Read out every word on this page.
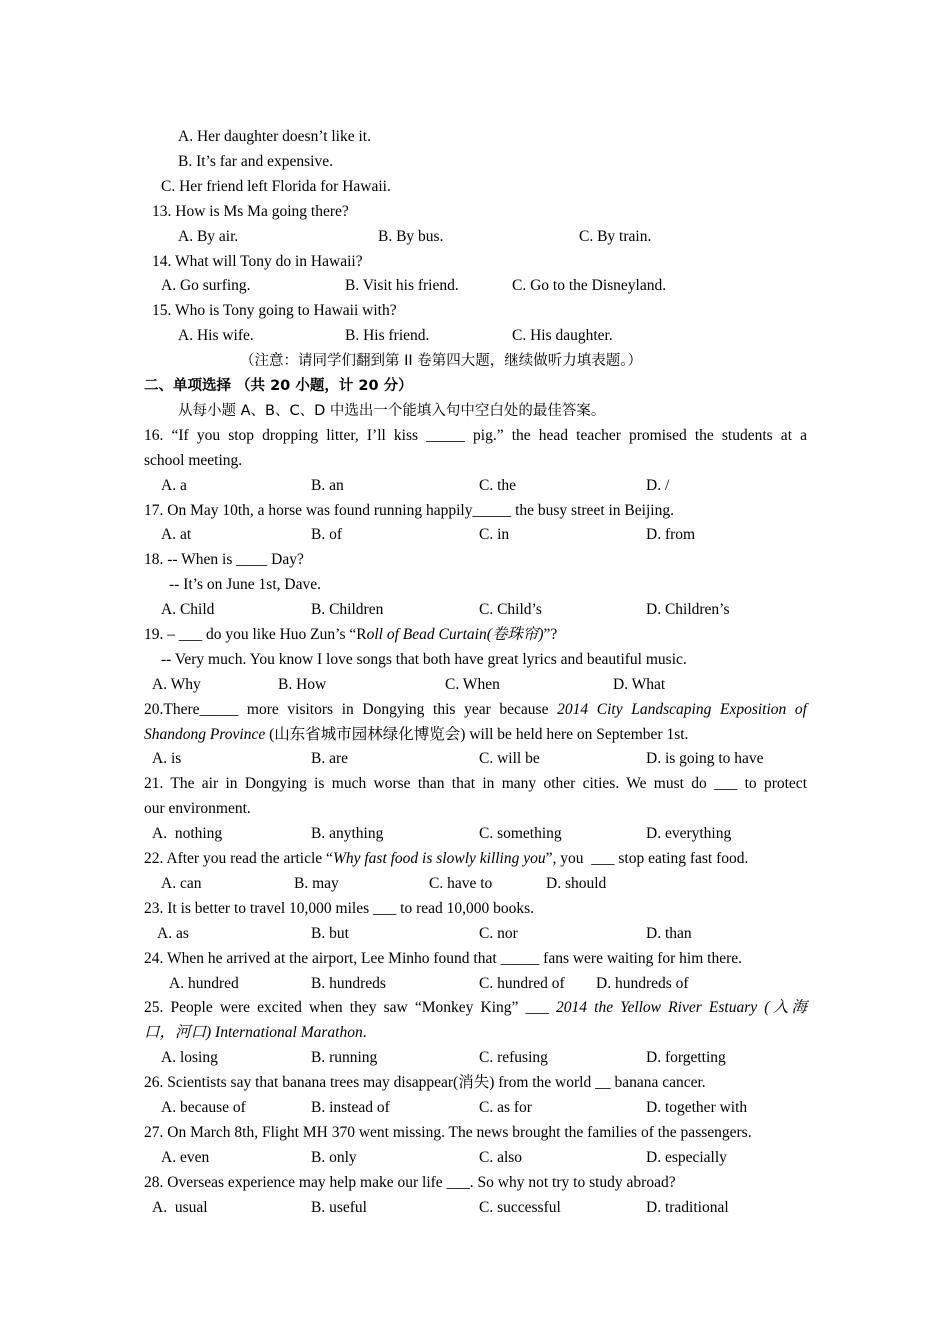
A. Her daughter doesn’t like it.
B. It’s far and expensive.
C. Her friend left Florida for Hawaii.
13. How is Ms Ma going there?
A. By air.	B. By bus.	C. By train.
14. What will Tony do in Hawaii?
A. Go surfing.	B. Visit his friend.	C. Go to the Disneyland.
15. Who is Tony going to Hawaii with?
A. His wife.	B. His friend.	C. His daughter.
（注意：请同学们翻到第 II 卷第四大题，继续做听力填表题。）
二、单项选择 （共 20 小题，计 20 分）
从每小题 A、B、C、D 中选出一个能填入句中空白处的最佳答案。
16. “If you stop dropping litter, I’ll kiss _____ pig.” the head teacher promised the students at a
school meeting.
A. a	B. an	C. the	D. /
17. On May 10th, a horse was found running happily_____ the busy street in Beijing.
A. at	B. of	C. in	D. from
18. -- When is ____ Day?
-- It’s on June 1st, Dave.
A. Child	B. Children	C. Child’s	D. Children’s
19. – ___ do you like Huo Zun’s “Roll of Bead Curtain(卷珠帘)”?
-- Very much. You know I love songs that both have great lyrics and beautiful music.
A. Why	B. How	C. When	D. What
20.There_____ more visitors in Dongying this year because 2014 City Landscaping Exposition of
Shandong Province (山东省城市园林绿化博览会) will be held here on September 1st.
A. is	B. are	C. will be	D. is going to have
21. The air in Dongying is much worse than that in many other cities. We must do ___ to protect
our environment.
A.  nothing	B. anything	C. something	D. everything
22. After you read the article “Why fast food is slowly killing you”, you  ___ stop eating fast food.
A. can	B. may	C. have to	D. should
23. It is better to travel 10,000 miles ___ to read 10,000 books.
A. as	B. but	C. nor	D. than
24. When he arrived at the airport, Lee Minho found that _____ fans were waiting for him there.
A. hundred	B. hundreds	C. hundred of D. hundreds of
25. People were excited when they saw “Monkey King” ___ 2014 the Yellow River Estuary (入海
口，河口) International Marathon.
A. losing	B. running	C. refusing	D. forgetting
26. Scientists say that banana trees may disappear(消失) from the world __ banana cancer.
A. because of	B. instead of	C. as for	D. together with
27. On March 8th, Flight MH 370 went missing. The news brought the families of the passengers.
A. even	B. only	C. also	D. especially
28. Overseas experience may help make our life ___. So why not try to study abroad?
A.  usual	B. useful	C. successful	D. traditional
